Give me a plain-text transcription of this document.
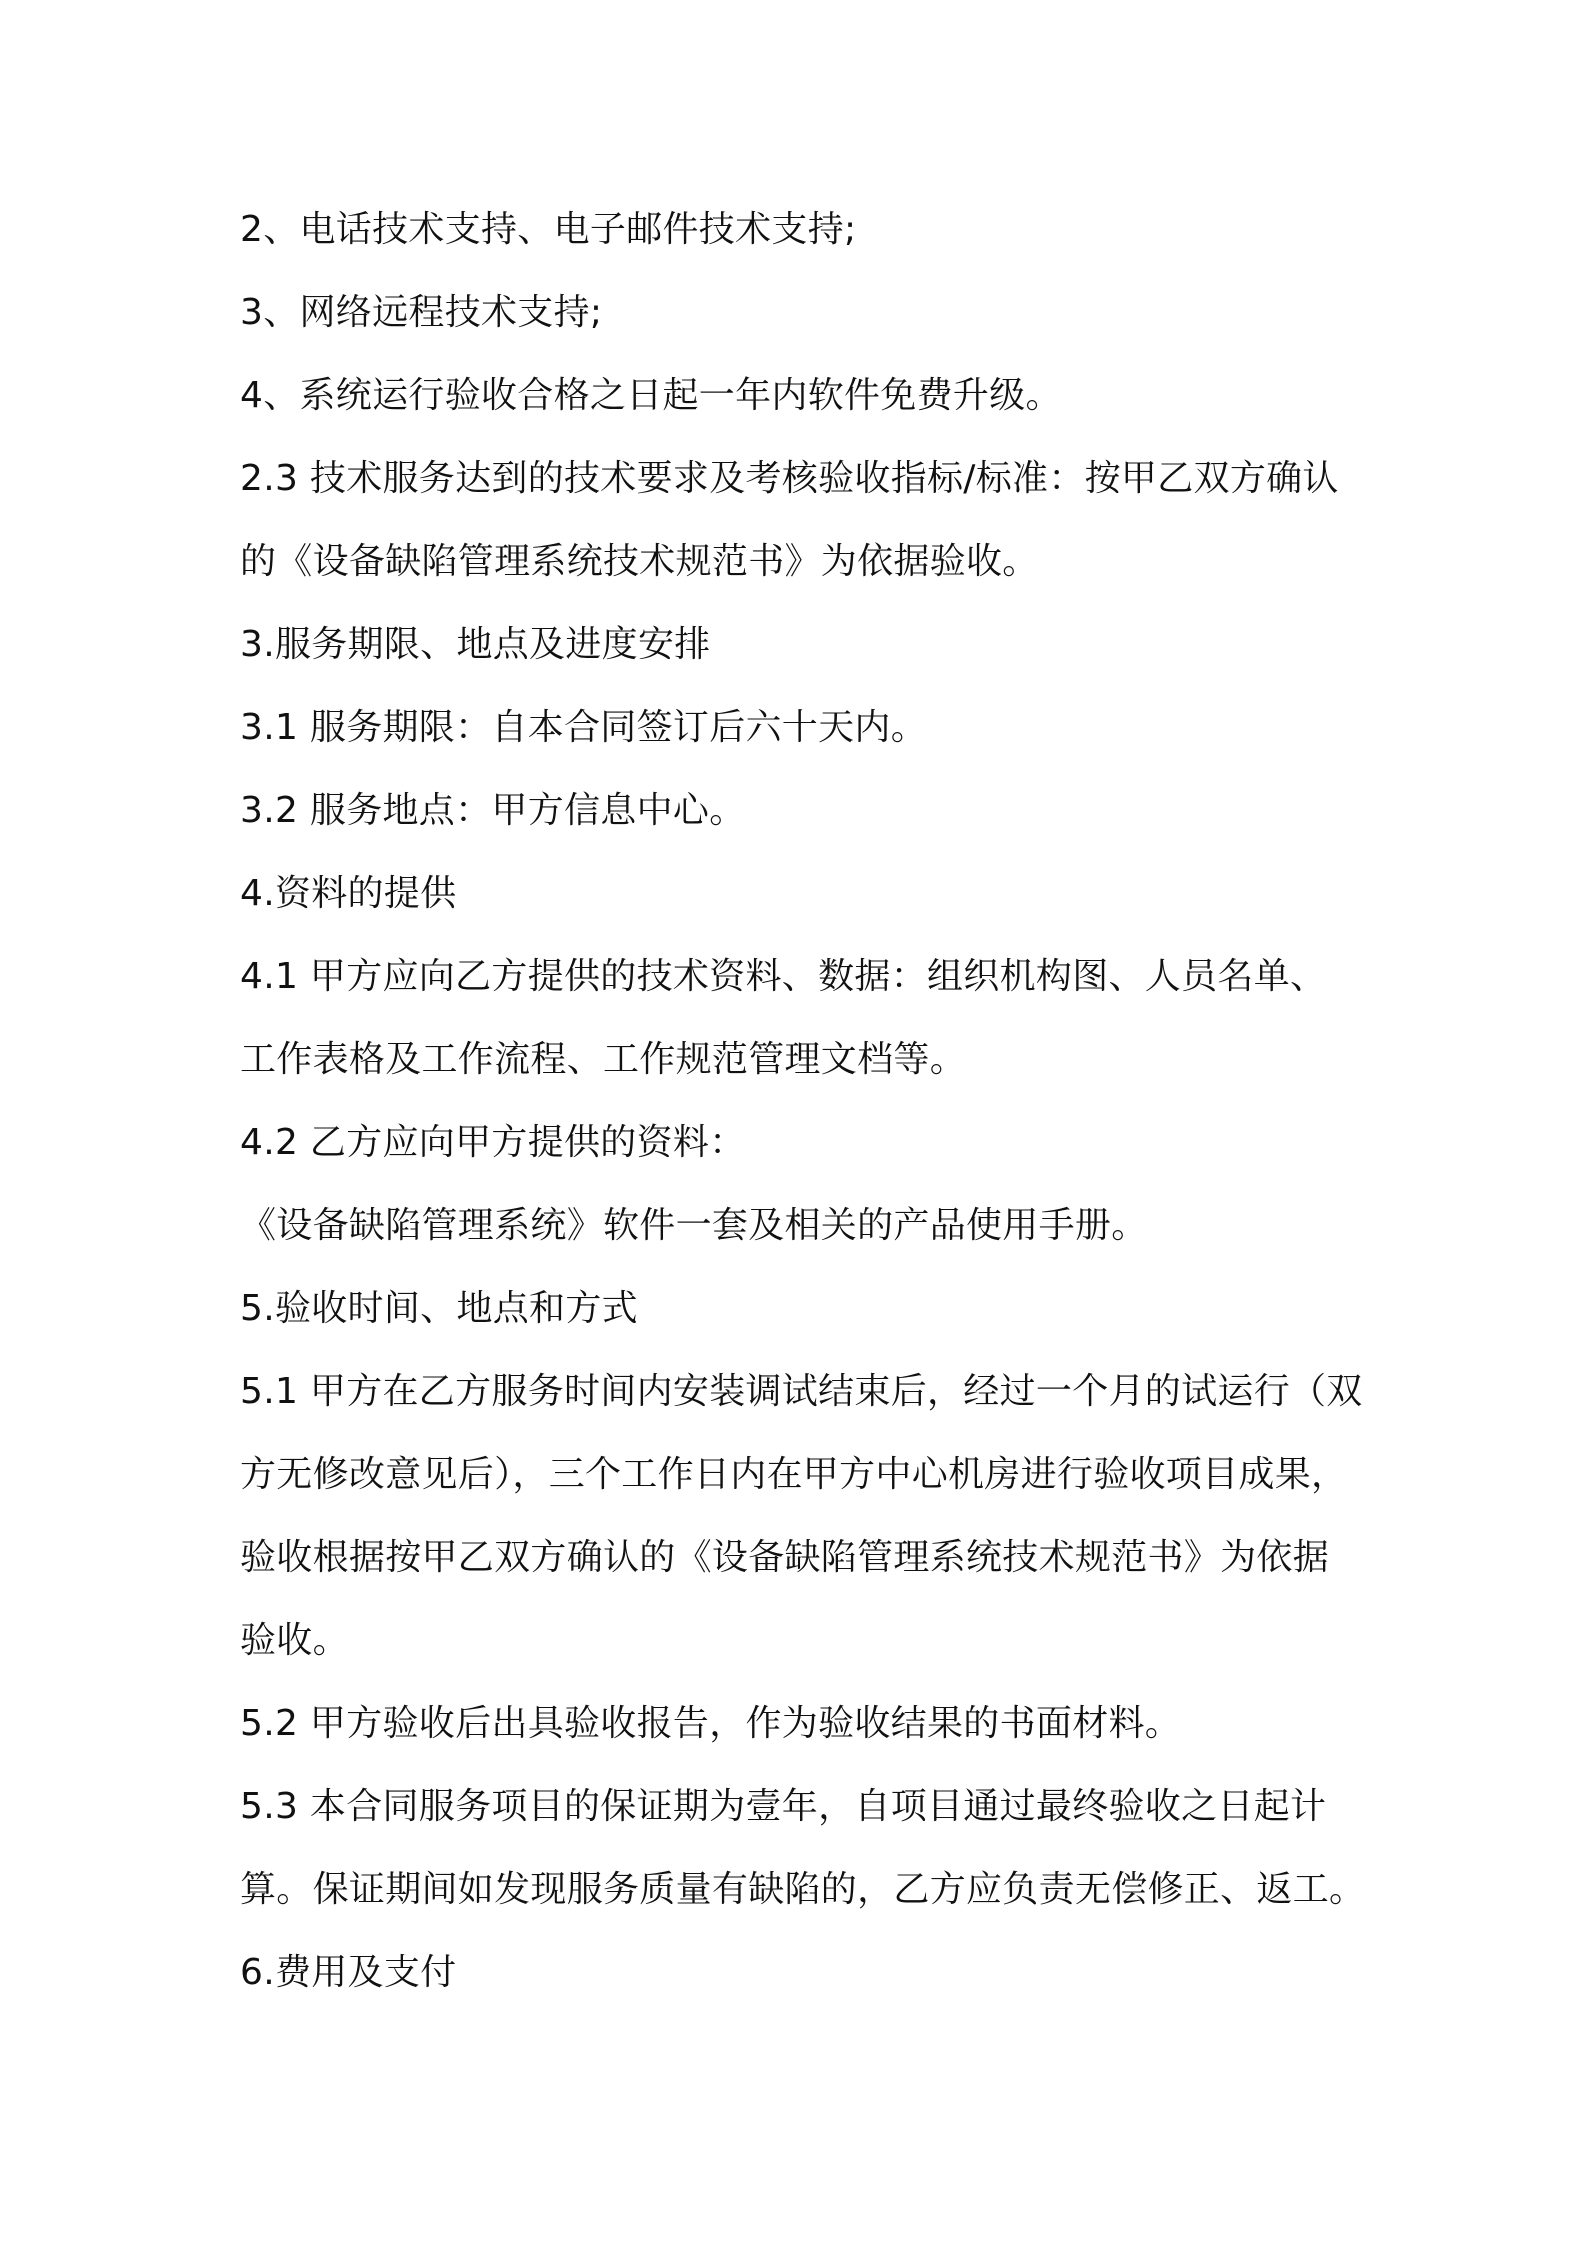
2、电话技术支持、电子邮件技术支持;
3、网络远程技术支持;
4、系统运行验收合格之日起一年内软件免费升级。
2.3 技术服务达到的技术要求及考核验收指标/标准：按甲乙双方确认
的《设备缺陷管理系统技术规范书》为依据验收。
3.服务期限、地点及进度安排
3.1 服务期限：自本合同签订后六十天内。
3.2 服务地点：甲方信息中心。
4.资料的提供
4.1 甲方应向乙方提供的技术资料、数据：组织机构图、人员名单、
工作表格及工作流程、工作规范管理文档等。
4.2 乙方应向甲方提供的资料：
《设备缺陷管理系统》软件一套及相关的产品使用手册。
5.验收时间、地点和方式
5.1 甲方在乙方服务时间内安装调试结束后，经过一个月的试运行（双
方无修改意见后），三个工作日内在甲方中心机房进行验收项目成果，
验收根据按甲乙双方确认的《设备缺陷管理系统技术规范书》为依据
验收。
5.2 甲方验收后出具验收报告，作为验收结果的书面材料。
5.3 本合同服务项目的保证期为壹年，自项目通过最终验收之日起计
算。保证期间如发现服务质量有缺陷的，乙方应负责无偿修正、返工。
6.费用及支付
